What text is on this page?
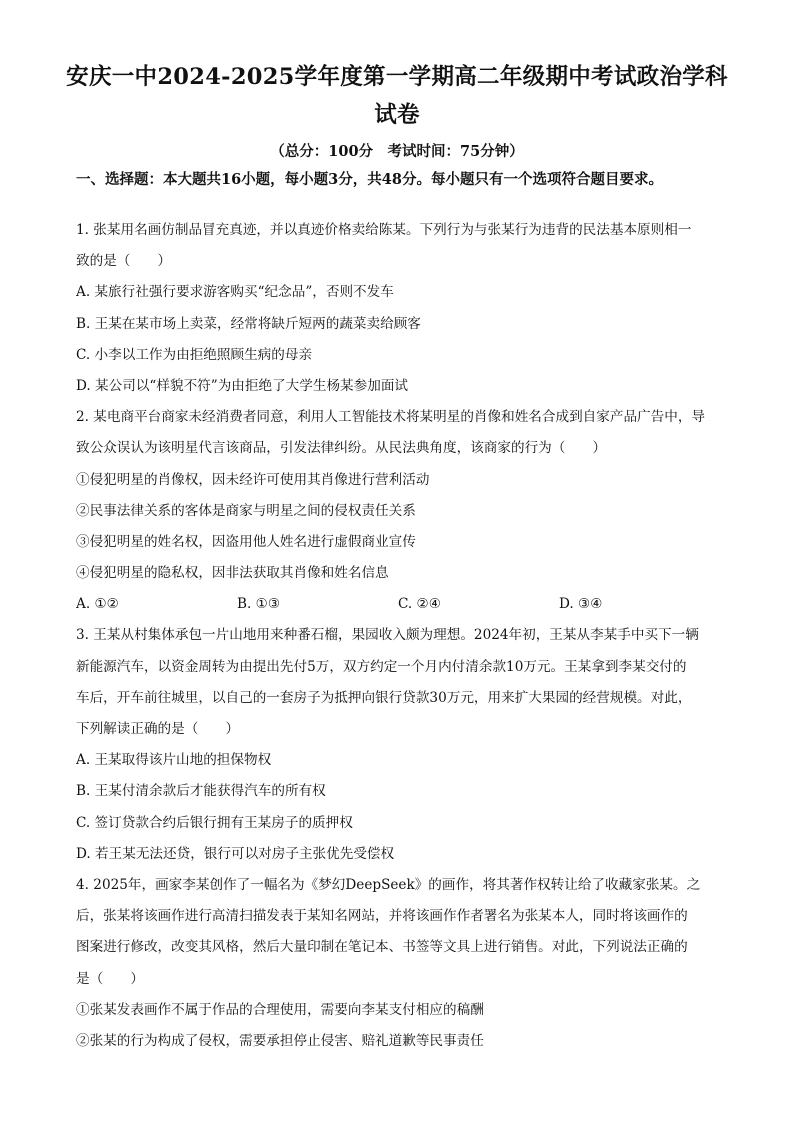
安庆一中2024-2025学年度第一学期高二年级期中考试政治学科试卷
（总分：100分　考试时间：75分钟）
一、选择题：本大题共16小题，每小题3分，共48分。每小题只有一个选项符合题目要求。
1. 张某用名画仿制品冒充真迹，并以真迹价格卖给陈某。下列行为与张某行为违背的民法基本原则相一
致的是（　　）
A. 某旅行社强行要求游客购买“纪念品”，否则不发车
B. 王某在某市场上卖菜，经常将缺斤短两的蔬菜卖给顾客
C. 小李以工作为由拒绝照顾生病的母亲
D. 某公司以“样貌不符”为由拒绝了大学生杨某参加面试
2. 某电商平台商家未经消费者同意，利用人工智能技术将某明星的肖像和姓名合成到自家产品广告中，导
致公众误认为该明星代言该商品，引发法律纠纷。从民法典角度，该商家的行为（　　）
①侵犯明星的肖像权，因未经许可使用其肖像进行营利活动
②民事法律关系的客体是商家与明星之间的侵权责任关系
③侵犯明星的姓名权，因盗用他人姓名进行虚假商业宣传
④侵犯明星的隐私权，因非法获取其肖像和姓名信息
A. ①②	B. ①③	C. ②④	D. ③④
3. 王某从村集体承包一片山地用来种番石榴，果园收入颇为理想。2024年初，王某从李某手中买下一辆
新能源汽车，以资金周转为由提出先付5万，双方约定一个月内付清余款10万元。王某拿到李某交付的
车后，开车前往城里，以自己的一套房子为抵押向银行贷款30万元，用来扩大果园的经营规模。对此，
下列解读正确的是（　　）
A. 王某取得该片山地的担保物权
B. 王某付清余款后才能获得汽车的所有权
C. 签订贷款合约后银行拥有王某房子的质押权
D. 若王某无法还贷，银行可以对房子主张优先受偿权
4. 2025年，画家李某创作了一幅名为《梦幻DeepSeek》的画作，将其著作权转让给了收藏家张某。之
后，张某将该画作进行高清扫描发表于某知名网站，并将该画作作者署名为张某本人，同时将该画作的
图案进行修改，改变其风格，然后大量印制在笔记本、书签等文具上进行销售。对此，下列说法正确的
是（　　）
①张某发表画作不属于作品的合理使用，需要向李某支付相应的稿酬
②张某的行为构成了侵权，需要承担停止侵害、赔礼道歉等民事责任
